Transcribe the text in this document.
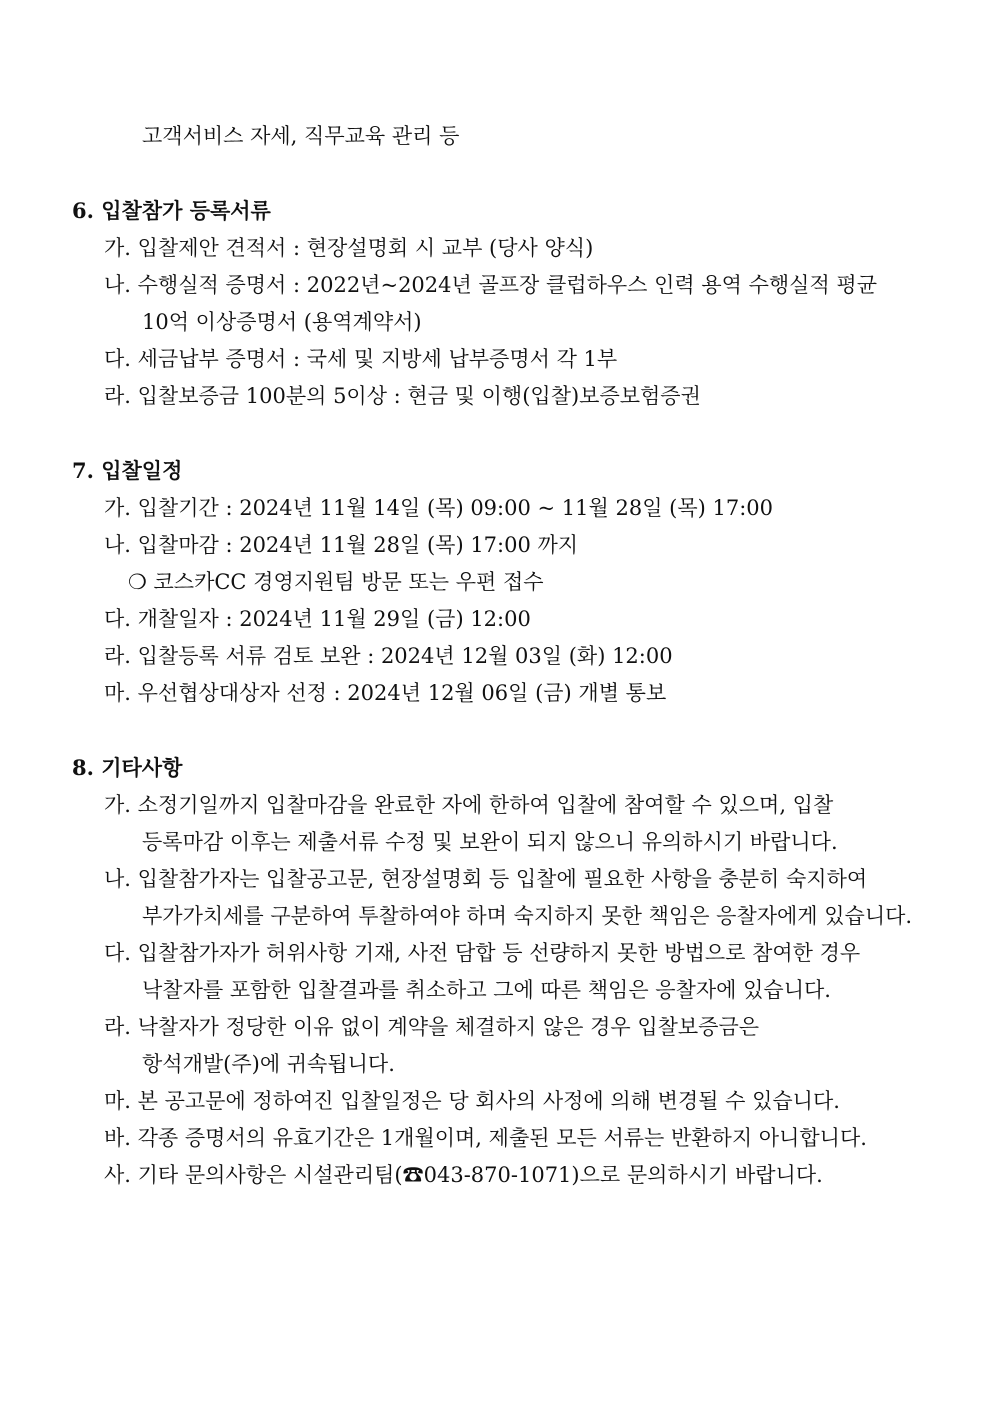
고객서비스 자세, 직무교육 관리 등
6. 입찰참가 등록서류
가. 입찰제안 견적서 : 현장설명회 시 교부 (당사 양식)
나. 수행실적 증명서 : 2022년~2024년 골프장 클럽하우스 인력 용역 수행실적 평균
10억 이상증명서 (용역계약서)
다. 세금납부 증명서 : 국세 및 지방세 납부증명서 각 1부
라. 입찰보증금 100분의 5이상 : 현금 및 이행(입찰)보증보험증권
7. 입찰일정
가. 입찰기간 : 2024년 11월 14일 (목) 09:00 ~ 11월 28일 (목) 17:00
나. 입찰마감 : 2024년 11월 28일 (목) 17:00 까지
❍ 코스카CC 경영지원팀 방문 또는 우편 접수
다. 개찰일자 : 2024년 11월 29일 (금) 12:00
라. 입찰등록 서류 검토 보완 : 2024년 12월 03일 (화) 12:00
마. 우선협상대상자 선정 : 2024년 12월 06일 (금) 개별 통보
8. 기타사항
가. 소정기일까지 입찰마감을 완료한 자에 한하여 입찰에 참여할 수 있으며, 입찰
등록마감 이후는 제출서류 수정 및 보완이 되지 않으니 유의하시기 바랍니다.
나. 입찰참가자는 입찰공고문, 현장설명회 등 입찰에 필요한 사항을 충분히 숙지하여
부가가치세를 구분하여 투찰하여야 하며 숙지하지 못한 책임은 응찰자에게 있습니다.
다. 입찰참가자가 허위사항 기재, 사전 담합 등 선량하지 못한 방법으로 참여한 경우
낙찰자를 포함한 입찰결과를 취소하고 그에 따른 책임은 응찰자에 있습니다.
라. 낙찰자가 정당한 이유 없이 계약을 체결하지 않은 경우 입찰보증금은
항석개발(주)에 귀속됩니다.
마. 본 공고문에 정하여진 입찰일정은 당 회사의 사정에 의해 변경될 수 있습니다.
바. 각종 증명서의 유효기간은 1개월이며, 제출된 모든 서류는 반환하지 아니합니다.
사. 기타 문의사항은 시설관리팀(☎043-870-1071)으로 문의하시기 바랍니다.
